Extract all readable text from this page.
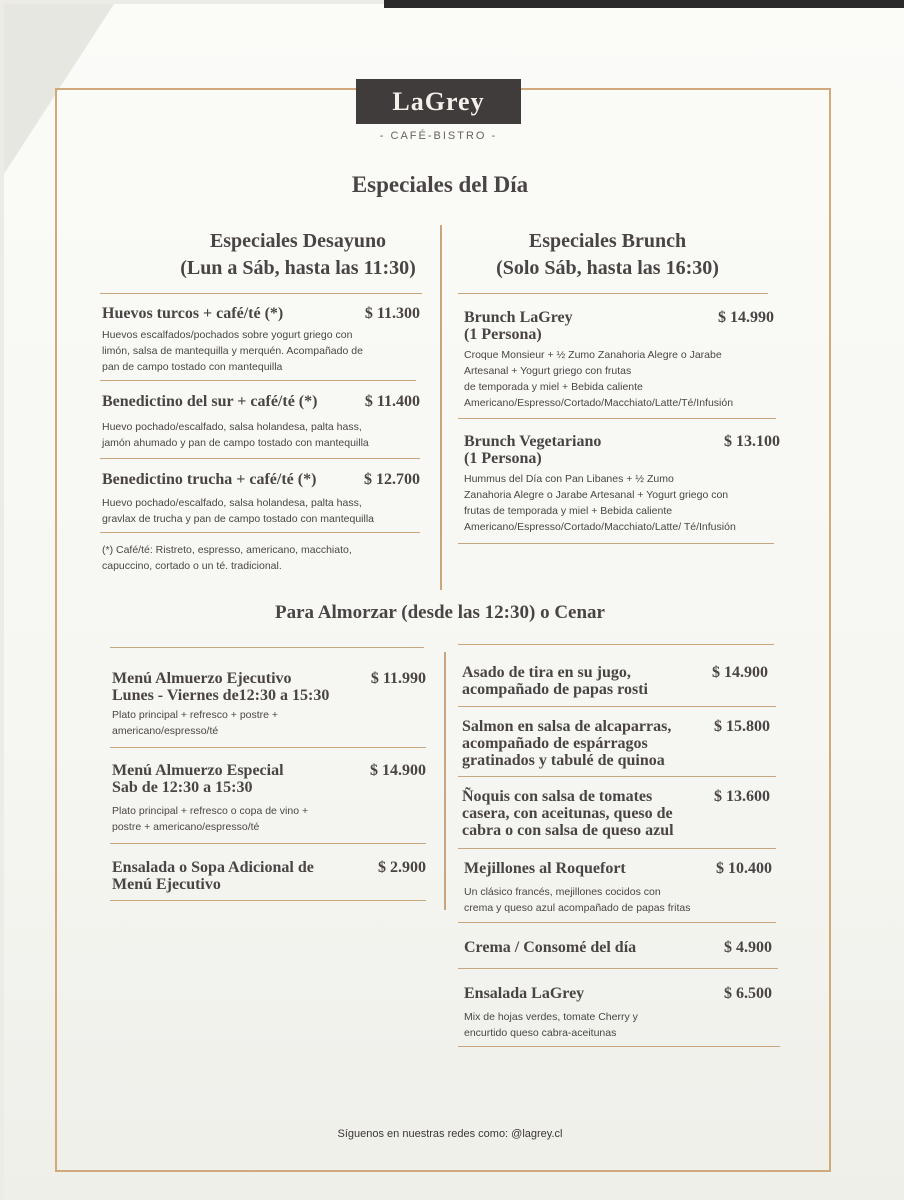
LaGrey
- CAFÉ-BISTRO -
Especiales del Día
Especiales Desayuno
(Lun a Sáb, hasta las 11:30)
Especiales Brunch
(Solo Sáb, hasta las 16:30)
Huevos turcos + café/té (*)	$ 11.300
Huevos escalfados/pochados sobre yogurt griego con
limón, salsa de mantequilla y merquén. Acompañado de
pan de campo tostado con mantequilla
Benedictino del sur + café/té (*)	$ 11.400
Huevo pochado/escalfado, salsa holandesa, palta hass,
jamón ahumado y pan de campo tostado con mantequilla
Benedictino trucha + café/té (*)	$ 12.700
Huevo pochado/escalfado, salsa holandesa, palta hass,
gravlax de trucha y pan de campo tostado con mantequilla
(*) Café/té: Ristreto, espresso, americano, macchiato,
capuccino, cortado o un té. tradicional.
Brunch LaGrey
(1 Persona)
$ 14.990
Croque Monsieur + ½ Zumo Zanahoria Alegre o Jarabe
Artesanal + Yogurt griego con frutas
de temporada y miel + Bebida caliente
Americano/Espresso/Cortado/Macchiato/Latte/Té/Infusión
Brunch Vegetariano
(1 Persona)
$ 13.100
Hummus del Día con Pan Libanes + ½ Zumo
Zanahoria Alegre o Jarabe Artesanal + Yogurt griego con
frutas de temporada y miel + Bebida caliente
Americano/Espresso/Cortado/Macchiato/Latte/ Té/Infusión
Para Almorzar (desde las 12:30) o Cenar
Menú Almuerzo Ejecutivo
Lunes - Viernes de12:30 a 15:30
$ 11.990
Plato principal + refresco + postre +
americano/espresso/té
Menú Almuerzo Especial
Sab de 12:30 a 15:30
$ 14.900
Plato principal + refresco o copa de vino +
postre + americano/espresso/té
Ensalada o Sopa Adicional de
Menú Ejecutivo
$ 2.900
Asado de tira en su jugo,
acompañado de papas rosti
$ 14.900
Salmon en salsa de alcaparras,
acompañado de espárragos
gratinados y tabulé de quinoa
$ 15.800
Ñoquis con salsa de tomates
casera, con aceitunas, queso de
cabra o con salsa de queso azul
$ 13.600
Mejillones al Roquefort	$ 10.400
Un clásico francés, mejillones cocidos con
crema y queso azul acompañado de papas fritas
Crema / Consomé del día	$ 4.900
Ensalada LaGrey	$ 6.500
Mix de hojas verdes, tomate Cherry y
encurtido queso cabra-aceitunas
Síguenos en nuestras redes como: @lagrey.cl
